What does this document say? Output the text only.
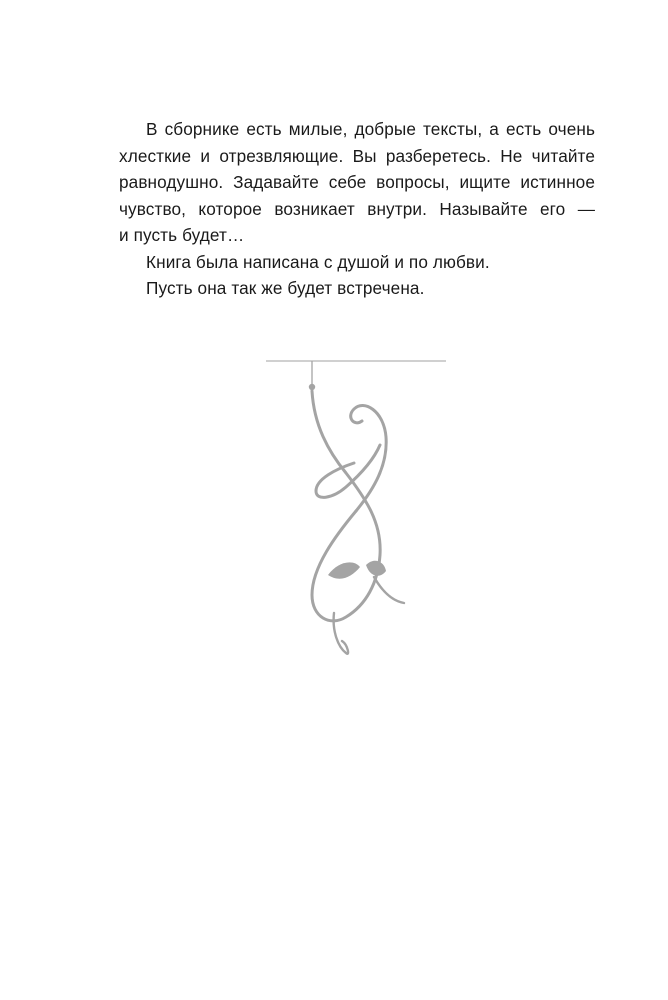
В сборнике есть милые, добрые тексты, а есть очень
хлесткие и отрезвляющие. Вы разберетесь. Не читайте
равнодушно. Задавайте себе вопросы, ищите истинное
чувство, которое возникает внутри. Называйте его —
и пусть будет…
Книга была написана с душой и по любви.
Пусть она так же будет встречена.
